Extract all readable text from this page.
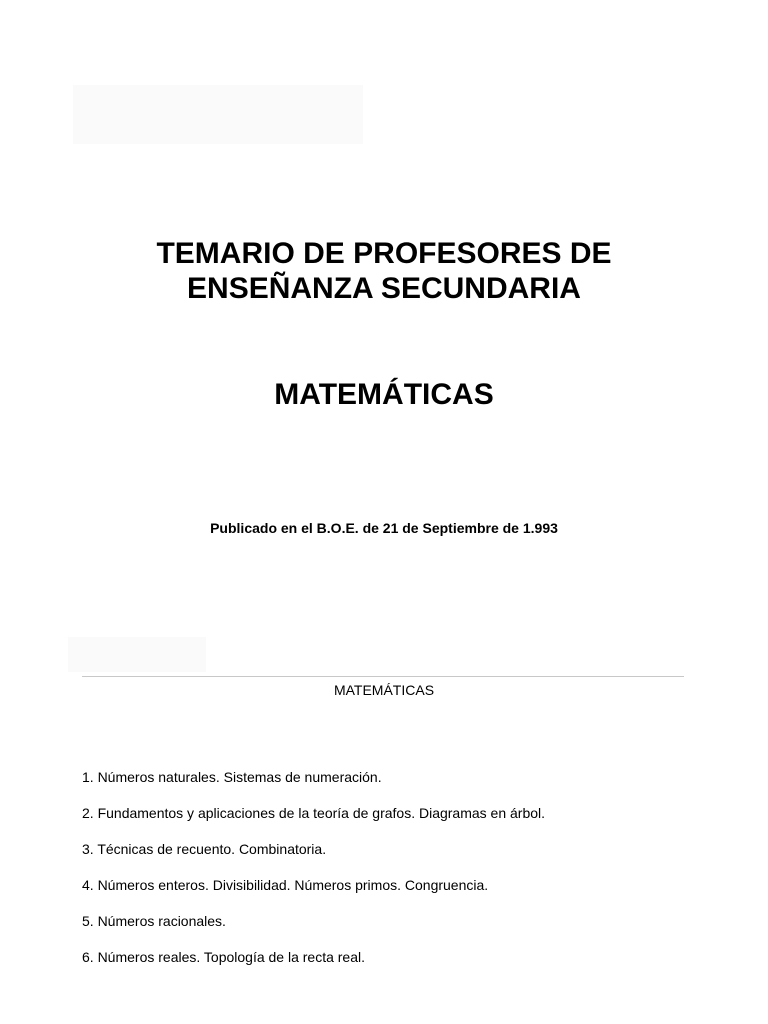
TEMARIO DE PROFESORES DE
ENSEÑANZA SECUNDARIA
MATEMÁTICAS

Publicado en el B.O.E. de 21 de Septiembre de 1.993

MATEMÁTICAS

1. Números naturales. Sistemas de numeración.
2. Fundamentos y aplicaciones de la teoría de grafos. Diagramas en árbol.
3. Técnicas de recuento. Combinatoria.
4. Números enteros. Divisibilidad. Números primos. Congruencia.
5. Números racionales.
6. Números reales. Topología de la recta real.
